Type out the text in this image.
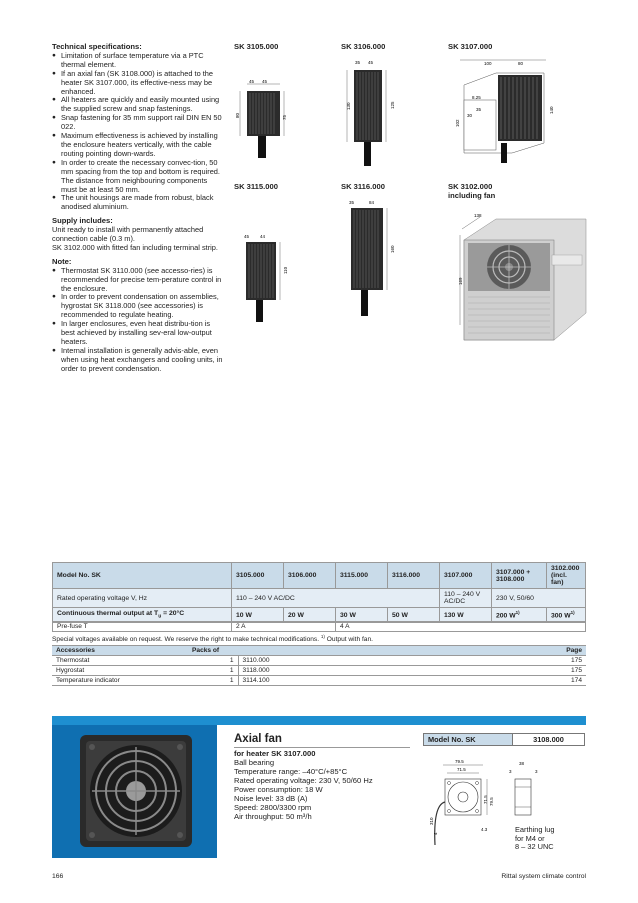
Technical specifications:
● Limitation of surface temperature via a PTC thermal element.
● If an axial fan (SK 3108.000) is attached to the heater SK 3107.000, its effective-ness may be enhanced.
● All heaters are quickly and easily mounted using the supplied screw and snap fastenings.
● Snap fastening for 35 mm support rail DIN EN 50 022.
● Maximum effectiveness is achieved by installing the enclosure heaters vertically, with the cable routing pointing down-wards.
● In order to create the necessary convec-tion, 50 mm spacing from the top and bottom is required. The distance from neighbouring components must be at least 50 mm.
● The unit housings are made from robust, black anodised aluminium.
Supply includes:

Unit ready to install with permanently attached connection cable (0.3 m).

SK 3102.000 with fitted fan including terminal strip.

Note:
● Thermostat SK 3110.000 (see accesso-ries) is recommended for precise tem-perature control in the enclosure.
● In order to prevent condensation on assemblies, hygrostat SK 3118.000 (see accessories) is recommended to regulate heating.
● In larger enclosures, even heat distribu-tion is best achieved by installing sev-eral low-output heaters.
● Internal installation is generally advis-able, even when using heat exchangers and cooling units, in order to prevent condensation.
SK 3105.000	SK 3106.000	SK 3107.000
SK 3115.000	SK 3116.000	SK 3102.000
including fan
45 45
80	75
35 45
130	125
100	80
8.25
35
102
140
30
45 44
110
35	84
160
138
169
Model No. SK	3105.000	3106.000	3115.000	3116.000	3107.000	3107.000 + 3108.000	3102.000 (incl. fan)
Rated operating voltage V, Hz	110 – 240 V AC/DC				110 – 240 V AC/DC	230 V, 50/60	
Continuous thermal output at $T_u = 20^\circ C$	10 W	20 W	30 W	50 W	130 W	200 $W^{1)}$	300 $W^{1)}$
Pre-fuse T	2 A	4 A
Special voltages available on request. We reserve the right to make technical modifications. $^{1)}$ Output with fan.
Accessories	Packs of		Page
Thermostat	1	3110.000	175
Hygrostat	1	3118.000	175
Temperature indicator	1	3114.100	174
Axial fan
for heater SK 3107.000
Ball bearing
Temperature range: –40°C/+85°C
Rated operating voltage: 230 V, 50/60 Hz
Power consumption: 18 W
Noise level: 33 dB (A)
Speed: 2800/3300 rpm
Air throughput: 50 m³/h
Model No. SK	3108.000
79.5
71.5
310
4
4.3
79.5
71.5
38
3	3
Earthing lug
for M4 or
8 – 32 UNC
166	Rittal system climate control
